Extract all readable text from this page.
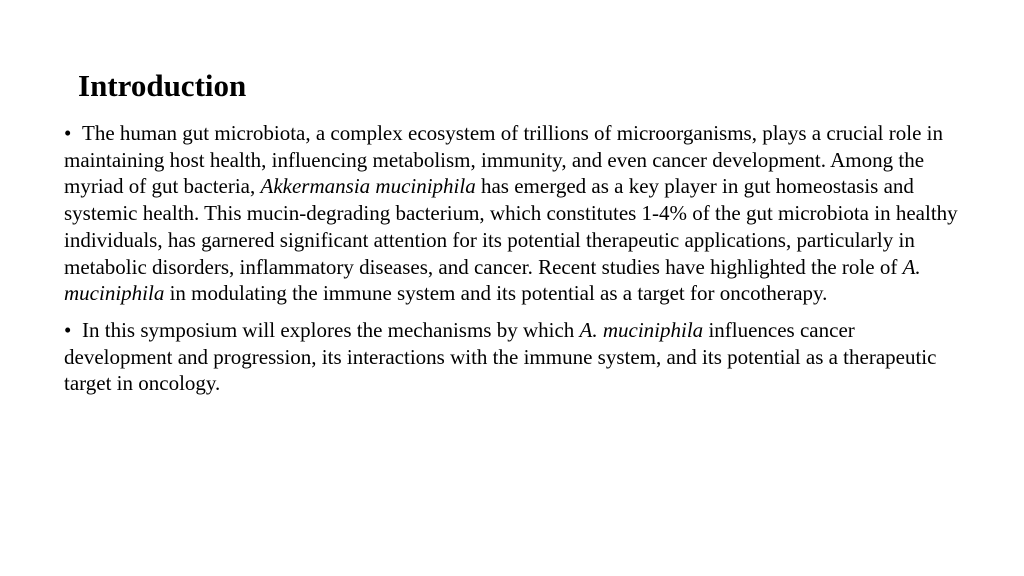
Introduction

• The human gut microbiota, a complex ecosystem of trillions of microorganisms, plays a crucial role in maintaining host health, influencing metabolism, immunity, and even cancer development. Among the myriad of gut bacteria, Akkermansia muciniphila has emerged as a key player in gut homeostasis and systemic health. This mucin-degrading bacterium, which constitutes 1-4% of the gut microbiota in healthy individuals, has garnered significant attention for its potential therapeutic applications, particularly in metabolic disorders, inflammatory diseases, and cancer. Recent studies have highlighted the role of A. muciniphila in modulating the immune system and its potential as a target for oncotherapy.

• In this symposium will explores the mechanisms by which A. muciniphila influences cancer development and progression, its interactions with the immune system, and its potential as a therapeutic target in oncology.
